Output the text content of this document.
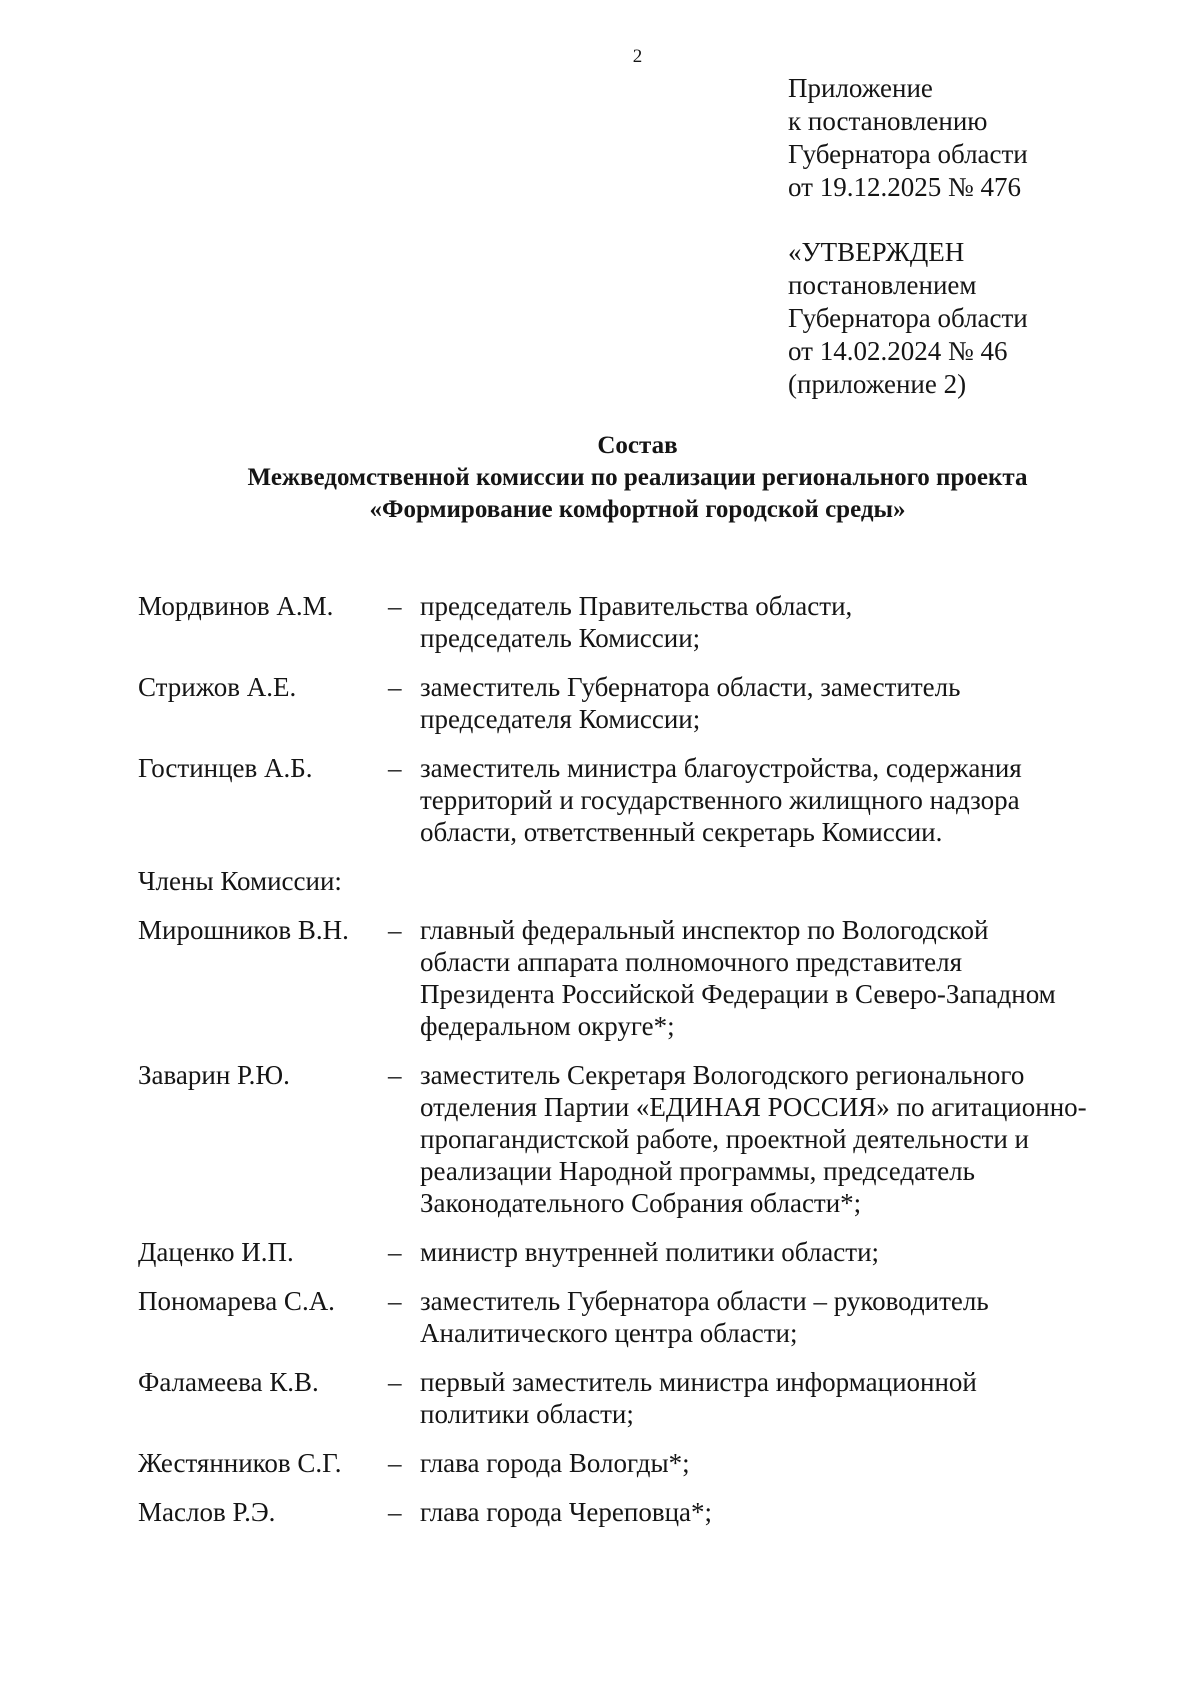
2
Приложение
к постановлению
Губернатора области
от 19.12.2025 № 476
«УТВЕРЖДЕН
постановлением
Губернатора области
от 14.02.2024 № 46
(приложение 2)
Состав
Межведомственной комиссии по реализации регионального проекта
«Формирование комфортной городской среды»
Мордвинов А.М.	– председатель Правительства области,
председатель Комиссии;
Стрижов А.Е.	– заместитель Губернатора области, заместитель
председателя Комиссии;
Гостинцев А.Б.	– заместитель министра благоустройства, содержания
территорий и государственного жилищного надзора
области, ответственный секретарь Комиссии.
Члены Комиссии:
Мирошников В.Н.	– главный федеральный инспектор по Вологодской
области аппарата полномочного представителя
Президента Российской Федерации в Северо-Западном
федеральном округе*;
Заварин Р.Ю.	– заместитель Секретаря Вологодского регионального
отделения Партии «ЕДИНАЯ РОССИЯ» по агитационно-
пропагандистской работе, проектной деятельности и
реализации Народной программы, председатель
Законодательного Собрания области*;
Даценко И.П.	– министр внутренней политики области;
Пономарева С.А.	– заместитель Губернатора области – руководитель
Аналитического центра области;
Фаламеева К.В.	– первый заместитель министра информационной
политики области;
Жестянников С.Г.	– глава города Вологды*;
Маслов Р.Э.	– глава города Череповца*;
